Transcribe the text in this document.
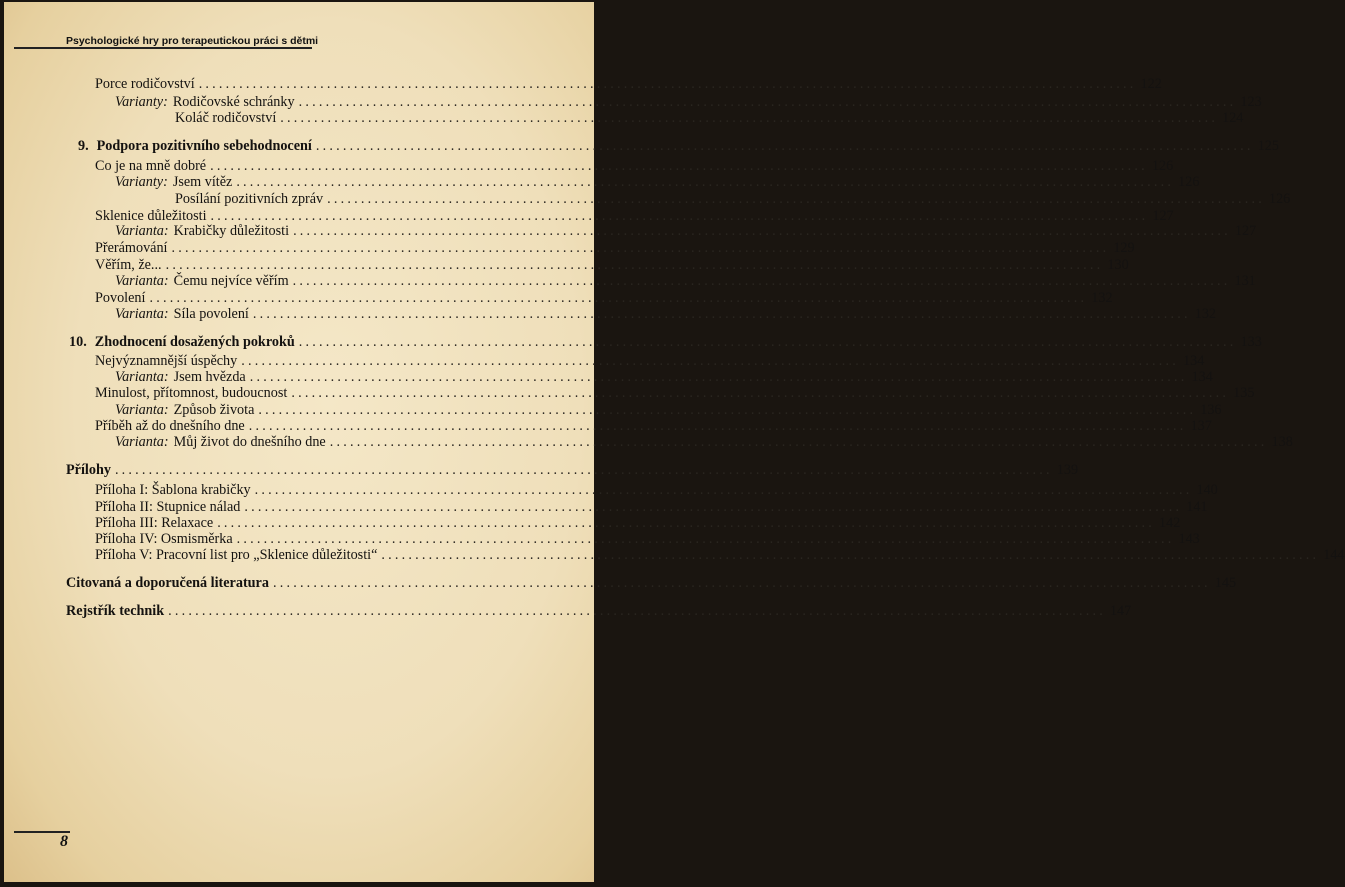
Psychologické hry pro terapeutickou práci s dětmi
Porce rodičovství ........................................................................................................................................... 122
Varianty: Rodičovské schránky ........................................................................................................................................... 123
Koláč rodičovství ........................................................................................................................................... 124
9. Podpora pozitivního sebehodnocení ........................................................................................................................................... 125
Co je na mně dobré ........................................................................................................................................... 126
Varianty: Jsem vítěz ........................................................................................................................................... 126
Posílání pozitivních zpráv ........................................................................................................................................... 126
Sklenice důležitosti ........................................................................................................................................... 127
Varianta: Krabičky důležitosti ........................................................................................................................................... 127
Přerámování ........................................................................................................................................... 129
Věřím, že... ........................................................................................................................................... 130
Varianta: Čemu nejvíce věřím ........................................................................................................................................... 131
Povolení ........................................................................................................................................... 132
Varianta: Síla povolení ........................................................................................................................................... 132
10. Zhodnocení dosažených pokroků ........................................................................................................................................... 133
Nejvýznamnější úspěchy ........................................................................................................................................... 134
Varianta: Jsem hvězda ........................................................................................................................................... 134
Minulost, přítomnost, budoucnost ........................................................................................................................................... 135
Varianta: Způsob života ........................................................................................................................................... 136
Příběh až do dnešního dne ........................................................................................................................................... 137
Varianta: Můj život do dnešního dne ........................................................................................................................................... 138
Přílohy ........................................................................................................................................... 139
Příloha I: Šablona krabičky ........................................................................................................................................... 140
Příloha II: Stupnice nálad ........................................................................................................................................... 141
Příloha III: Relaxace ........................................................................................................................................... 142
Příloha IV: Osmisměrka ........................................................................................................................................... 143
Příloha V: Pracovní list pro „Sklenice důležitosti“ ........................................................................................................................................... 144
Citovaná a doporučená literatura ........................................................................................................................................... 145
Rejstřík technik ........................................................................................................................................... 147
8
